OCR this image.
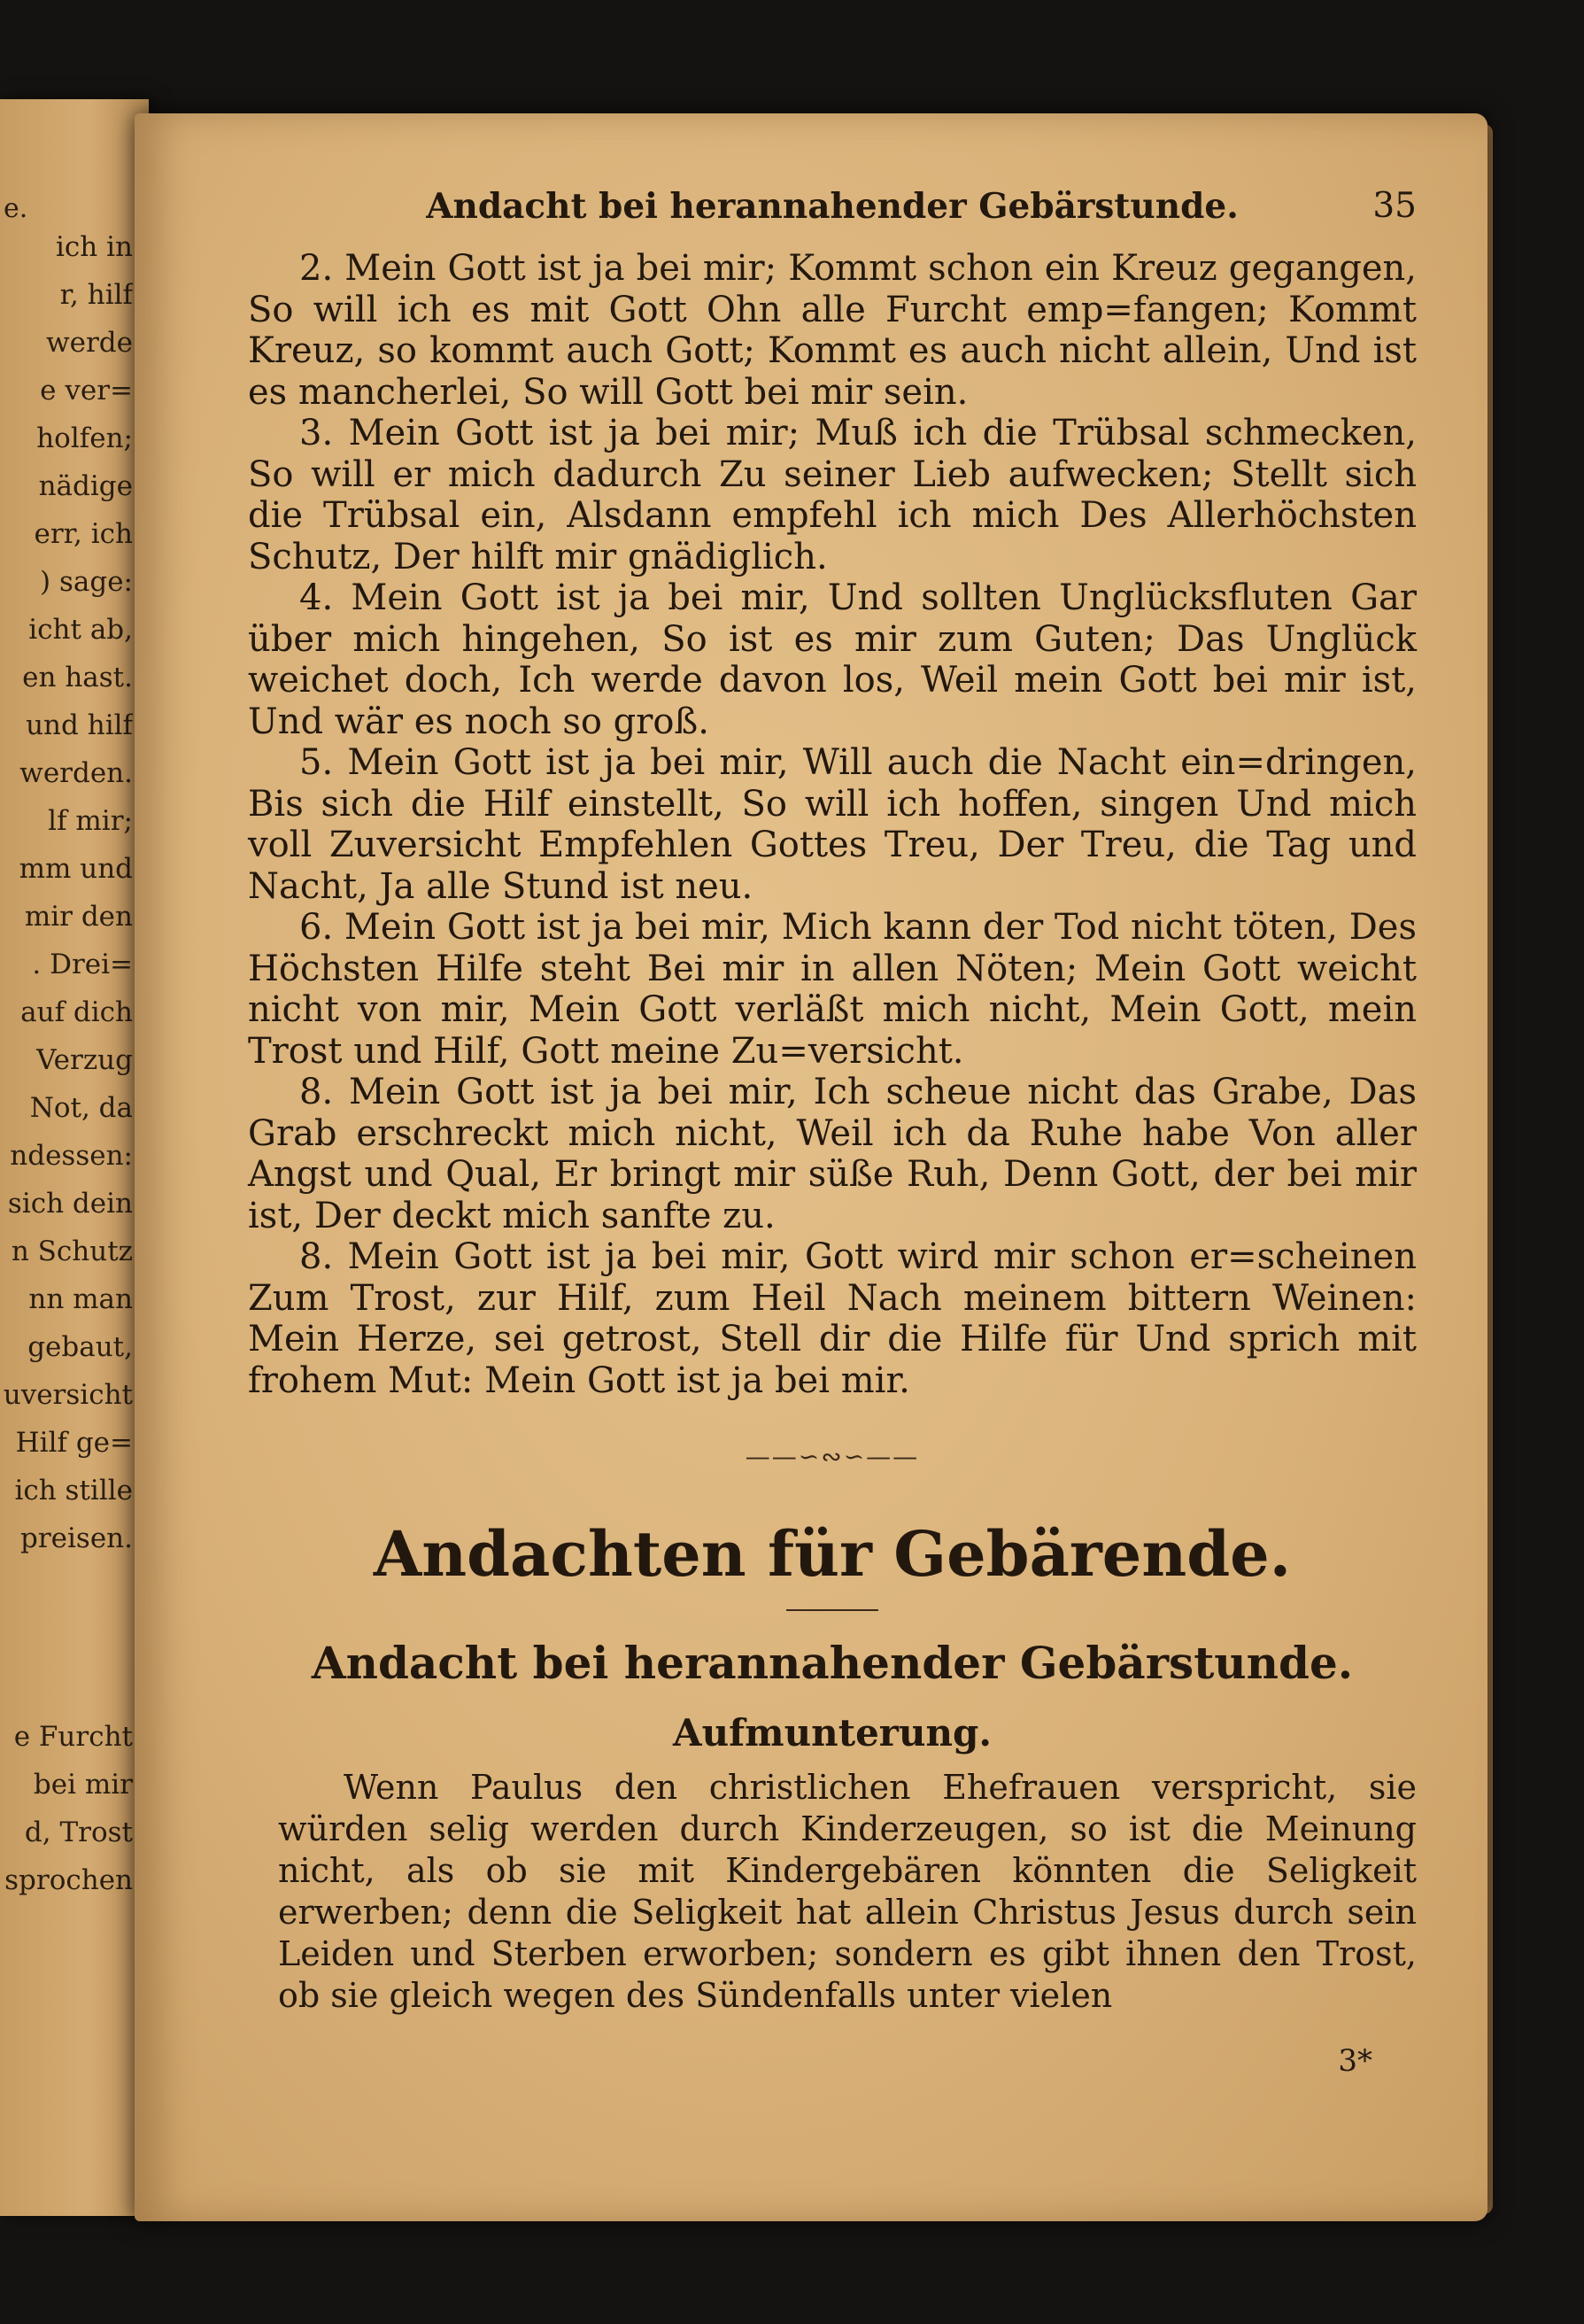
ich in
r, hilf
werde
e ver=
holfen;
nädige
err, ich
) sage:
icht ab,
en hast.
und hilf
werden.
lf mir;
mm und
mir den
. Drei=
auf dich
Verzug
Not, da
ndessen:
sich dein
n Schutz
nn man
gebaut,
uversicht
Hilf ge=
ich stille
preisen.
e Furcht
bei mir
d, Trost
sprochen
e.	Andacht bei herannahender Gebärstunde.	35

2. Mein Gott ist ja bei mir; Kommt schon ein Kreuz gegangen, So will ich es mit Gott Ohn alle Furcht emp=fangen; Kommt Kreuz, so kommt auch Gott; Kommt es auch nicht allein, Und ist es mancherlei, So will Gott bei mir sein.

3. Mein Gott ist ja bei mir; Muß ich die Trübsal schmecken, So will er mich dadurch Zu seiner Lieb aufwecken; Stellt sich die Trübsal ein, Alsdann empfehl ich mich Des Allerhöchsten Schutz, Der hilft mir gnädiglich.

4. Mein Gott ist ja bei mir, Und sollten Unglücksfluten Gar über mich hingehen, So ist es mir zum Guten; Das Unglück weichet doch, Ich werde davon los, Weil mein Gott bei mir ist, Und wär es noch so groß.

5. Mein Gott ist ja bei mir, Will auch die Nacht ein=dringen, Bis sich die Hilf einstellt, So will ich hoffen, singen Und mich voll Zuversicht Empfehlen Gottes Treu, Der Treu, die Tag und Nacht, Ja alle Stund ist neu.

6. Mein Gott ist ja bei mir, Mich kann der Tod nicht töten, Des Höchsten Hilfe steht Bei mir in allen Nöten; Mein Gott weicht nicht von mir, Mein Gott verläßt mich nicht, Mein Gott, mein Trost und Hilf, Gott meine Zu=versicht.

8. Mein Gott ist ja bei mir, Ich scheue nicht das Grabe, Das Grab erschreckt mich nicht, Weil ich da Ruhe habe Von aller Angst und Qual, Er bringt mir süße Ruh, Denn Gott, der bei mir ist, Der deckt mich sanfte zu.

8. Mein Gott ist ja bei mir, Gott wird mir schon er=scheinen Zum Trost, zur Hilf, zum Heil Nach meinem bittern Weinen: Mein Herze, sei getrost, Stell dir die Hilfe für Und sprich mit frohem Mut: Mein Gott ist ja bei mir.

——∽∾∽——
Andachten für Gebärende.
Andacht bei herannahender Gebärstunde.
Aufmunterung.

Wenn Paulus den christlichen Ehefrauen verspricht, sie würden selig werden durch Kinderzeugen, so ist die Meinung nicht, als ob sie mit Kindergebären könnten die Seligkeit erwerben; denn die Seligkeit hat allein Christus Jesus durch sein Leiden und Sterben erworben; sondern es gibt ihnen den Trost, ob sie gleich wegen des Sündenfalls unter vielen

3*
